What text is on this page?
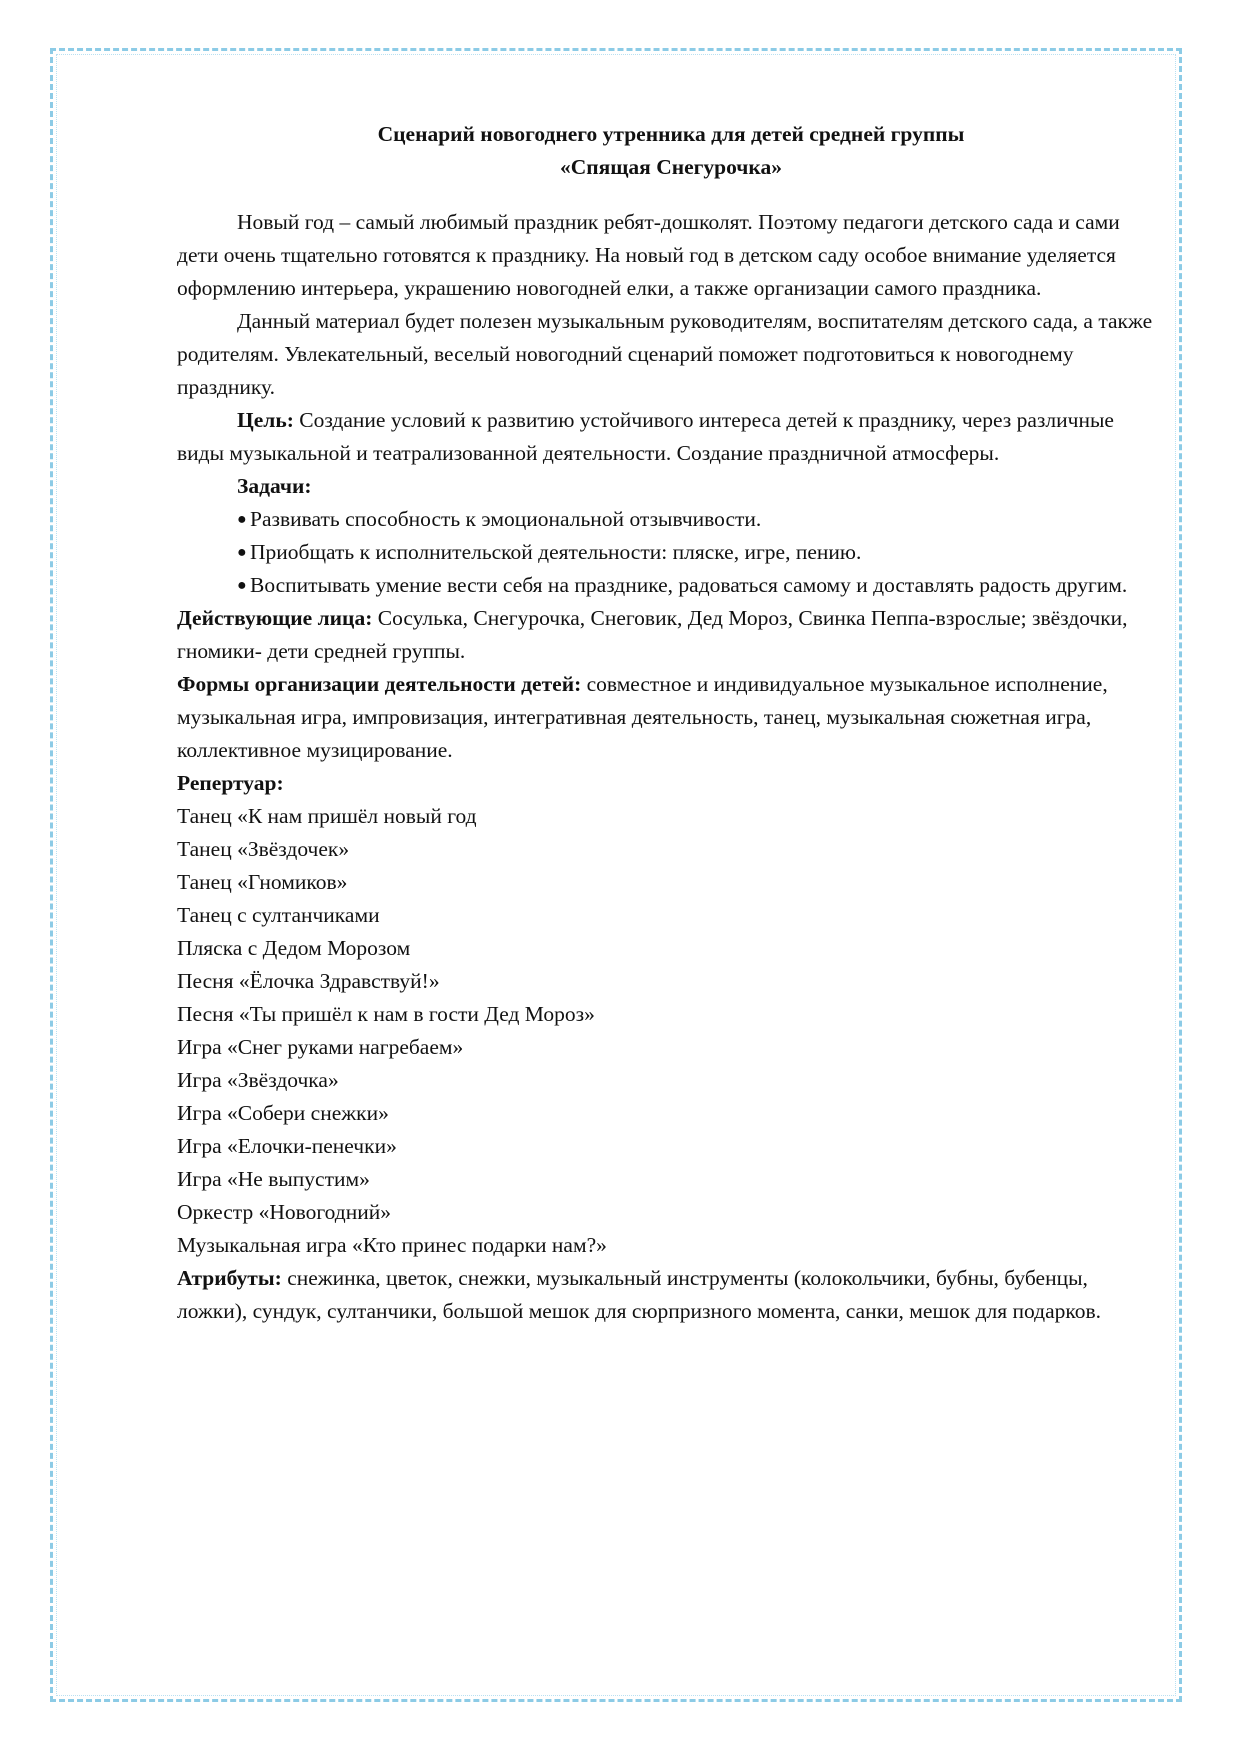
Сценарий новогоднего утренника для детей средней группы

«Спящая Снегурочка»

Новый год – самый любимый праздник ребят-дошколят. Поэтому педагоги детского сада и сами дети очень тщательно готовятся к празднику. На новый год в детском саду особое внимание уделяется оформлению интерьера, украшению новогодней елки, а также организации самого праздника.

Данный материал будет полезен музыкальным руководителям, воспитателям детского сада, а также родителям. Увлекательный, веселый новогодний сценарий поможет подготовиться к новогоднему празднику.

Цель: Создание условий к развитию устойчивого интереса детей к празднику, через различные виды музыкальной и театрализованной деятельности. Создание праздничной атмосферы.

Задачи:

● Развивать способность к эмоциональной отзывчивости.

● Приобщать к исполнительской деятельности: пляске, игре, пению.

● Воспитывать умение вести себя на празднике, радоваться самому и доставлять радость другим.

Действующие лица: Сосулька, Снегурочка, Снеговик, Дед Мороз, Свинка Пеппа-взрослые; звёздочки, гномики- дети средней группы.

Формы организации деятельности детей: совместное и индивидуальное музыкальное исполнение, музыкальная игра, импровизация, интегративная деятельность, танец, музыкальная сюжетная игра, коллективное музицирование.

Репертуар:

Танец «К нам пришёл новый год

Танец «Звёздочек»

Танец «Гномиков»

Танец с султанчиками

Пляска с Дедом Морозом

Песня «Ёлочка Здравствуй!»

Песня «Ты пришёл к нам в гости Дед Мороз»

Игра «Снег руками нагребаем»

Игра «Звёздочка»

Игра «Собери снежки»

Игра «Елочки-пенечки»

Игра «Не выпустим»

Оркестр «Новогодний»

Музыкальная игра «Кто принес подарки нам?»

Атрибуты: снежинка, цветок, снежки, музыкальный инструменты (колокольчики, бубны, бубенцы, ложки), сундук, султанчики, большой мешок для сюрпризного момента, санки, мешок для подарков.
